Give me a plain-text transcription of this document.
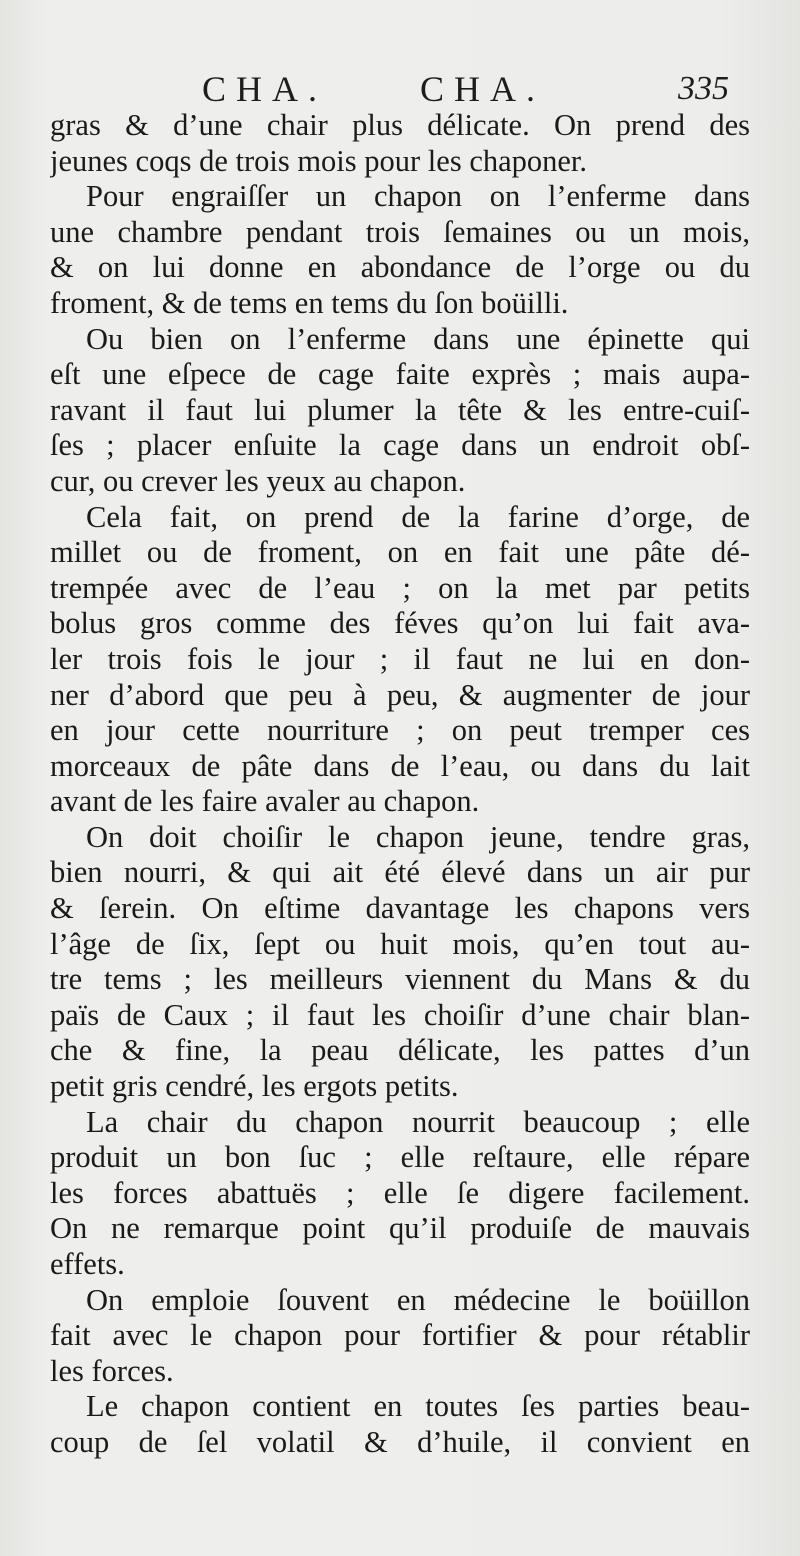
CHA.	CHA.	335
gras & d’une chair plus délicate. On prend des
jeunes coqs de trois mois pour les chaponer.
Pour engraiſſer un chapon on l’enferme dans
une chambre pendant trois ſemaines ou un mois,
& on lui donne en abondance de l’orge ou du
froment, & de tems en tems du ſon boüilli.
Ou bien on l’enferme dans une épinette qui
eſt une eſpece de cage faite exprès ; mais aupa-
ravant il faut lui plumer la tête & les entre-cuiſ-
ſes ; placer enſuite la cage dans un endroit obſ-
cur, ou crever les yeux au chapon.
Cela fait, on prend de la farine d’orge, de
millet ou de froment, on en fait une pâte dé-
trempée avec de l’eau ; on la met par petits
bolus gros comme des féves qu’on lui fait ava-
ler trois fois le jour ; il faut ne lui en don-
ner d’abord que peu à peu, & augmenter de jour
en jour cette nourriture ; on peut tremper ces
morceaux de pâte dans de l’eau, ou dans du lait
avant de les faire avaler au chapon.
On doit choiſir le chapon jeune, tendre gras,
bien nourri, & qui ait été élevé dans un air pur
& ſerein. On eſtime davantage les chapons vers
l’âge de ſix, ſept ou huit mois, qu’en tout au-
tre tems ; les meilleurs viennent du Mans & du
païs de Caux ; il faut les choiſir d’une chair blan-
che & fine, la peau délicate, les pattes d’un
petit gris cendré, les ergots petits.
La chair du chapon nourrit beaucoup ; elle
produit un bon ſuc ; elle reſtaure, elle répare
les forces abattuës ; elle ſe digere facilement.
On ne remarque point qu’il produiſe de mauvais
effets.
On emploie ſouvent en médecine le boüillon
fait avec le chapon pour fortifier & pour rétablir
les forces.
Le chapon contient en toutes ſes parties beau-
coup de ſel volatil & d’huile, il convient en
